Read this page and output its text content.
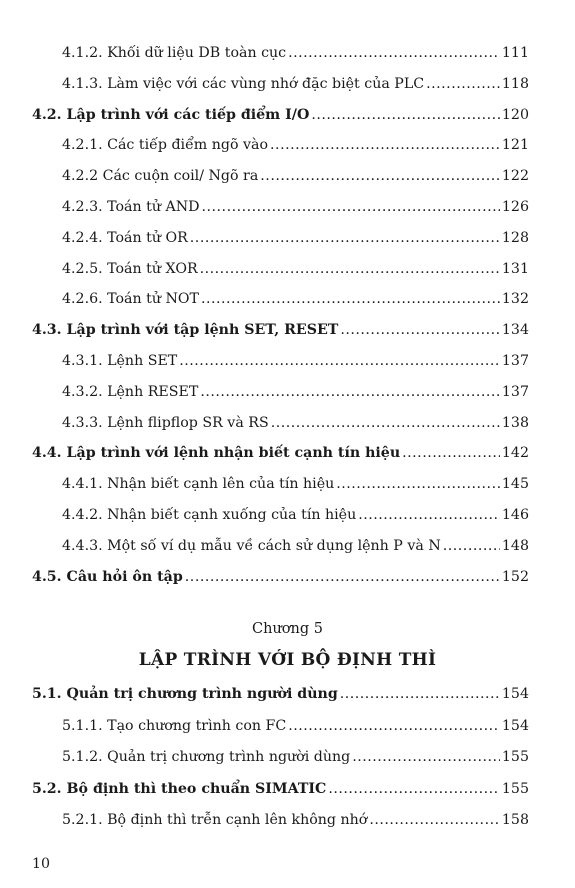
4.1.2. Khối dữ liệu DB toàn cục .....	111
4.1.3. Làm việc với các vùng nhớ đặc biệt của PLC .....	118
4.2. Lập trình với các tiếp điểm I/O .....	120
4.2.1. Các tiếp điểm ngõ vào .....	121
4.2.2 Các cuộn coil/ Ngõ ra .....	122
4.2.3. Toán tử AND .....	126
4.2.4. Toán tử OR .....	128
4.2.5. Toán tử XOR .....	131
4.2.6. Toán tử NOT .....	132
4.3. Lập trình với tập lệnh SET, RESET .....	134
4.3.1. Lệnh SET .....	137
4.3.2. Lệnh RESET .....	137
4.3.3. Lệnh flipflop SR và RS .....	138
4.4. Lập trình với lệnh nhận biết cạnh tín hiệu .....	142
4.4.1. Nhận biết cạnh lên của tín hiệu .....	145
4.4.2. Nhận biết cạnh xuống của tín hiệu .....	146
4.4.3. Một số ví dụ mẫu về cách sử dụng lệnh P và N .....	148
4.5. Câu hỏi ôn tập .....	152
5.1. Quản trị chương trình người dùng .....	154
5.1.1. Tạo chương trình con FC .....	154
5.1.2. Quản trị chương trình người dùng .....	155
5.2. Bộ định thì theo chuẩn SIMATIC .....	155
5.2.1. Bộ định thì trễn cạnh lên không nhớ .....	158
Chương 5
LẬP TRÌNH VỚI BỘ ĐỊNH THÌ
10
